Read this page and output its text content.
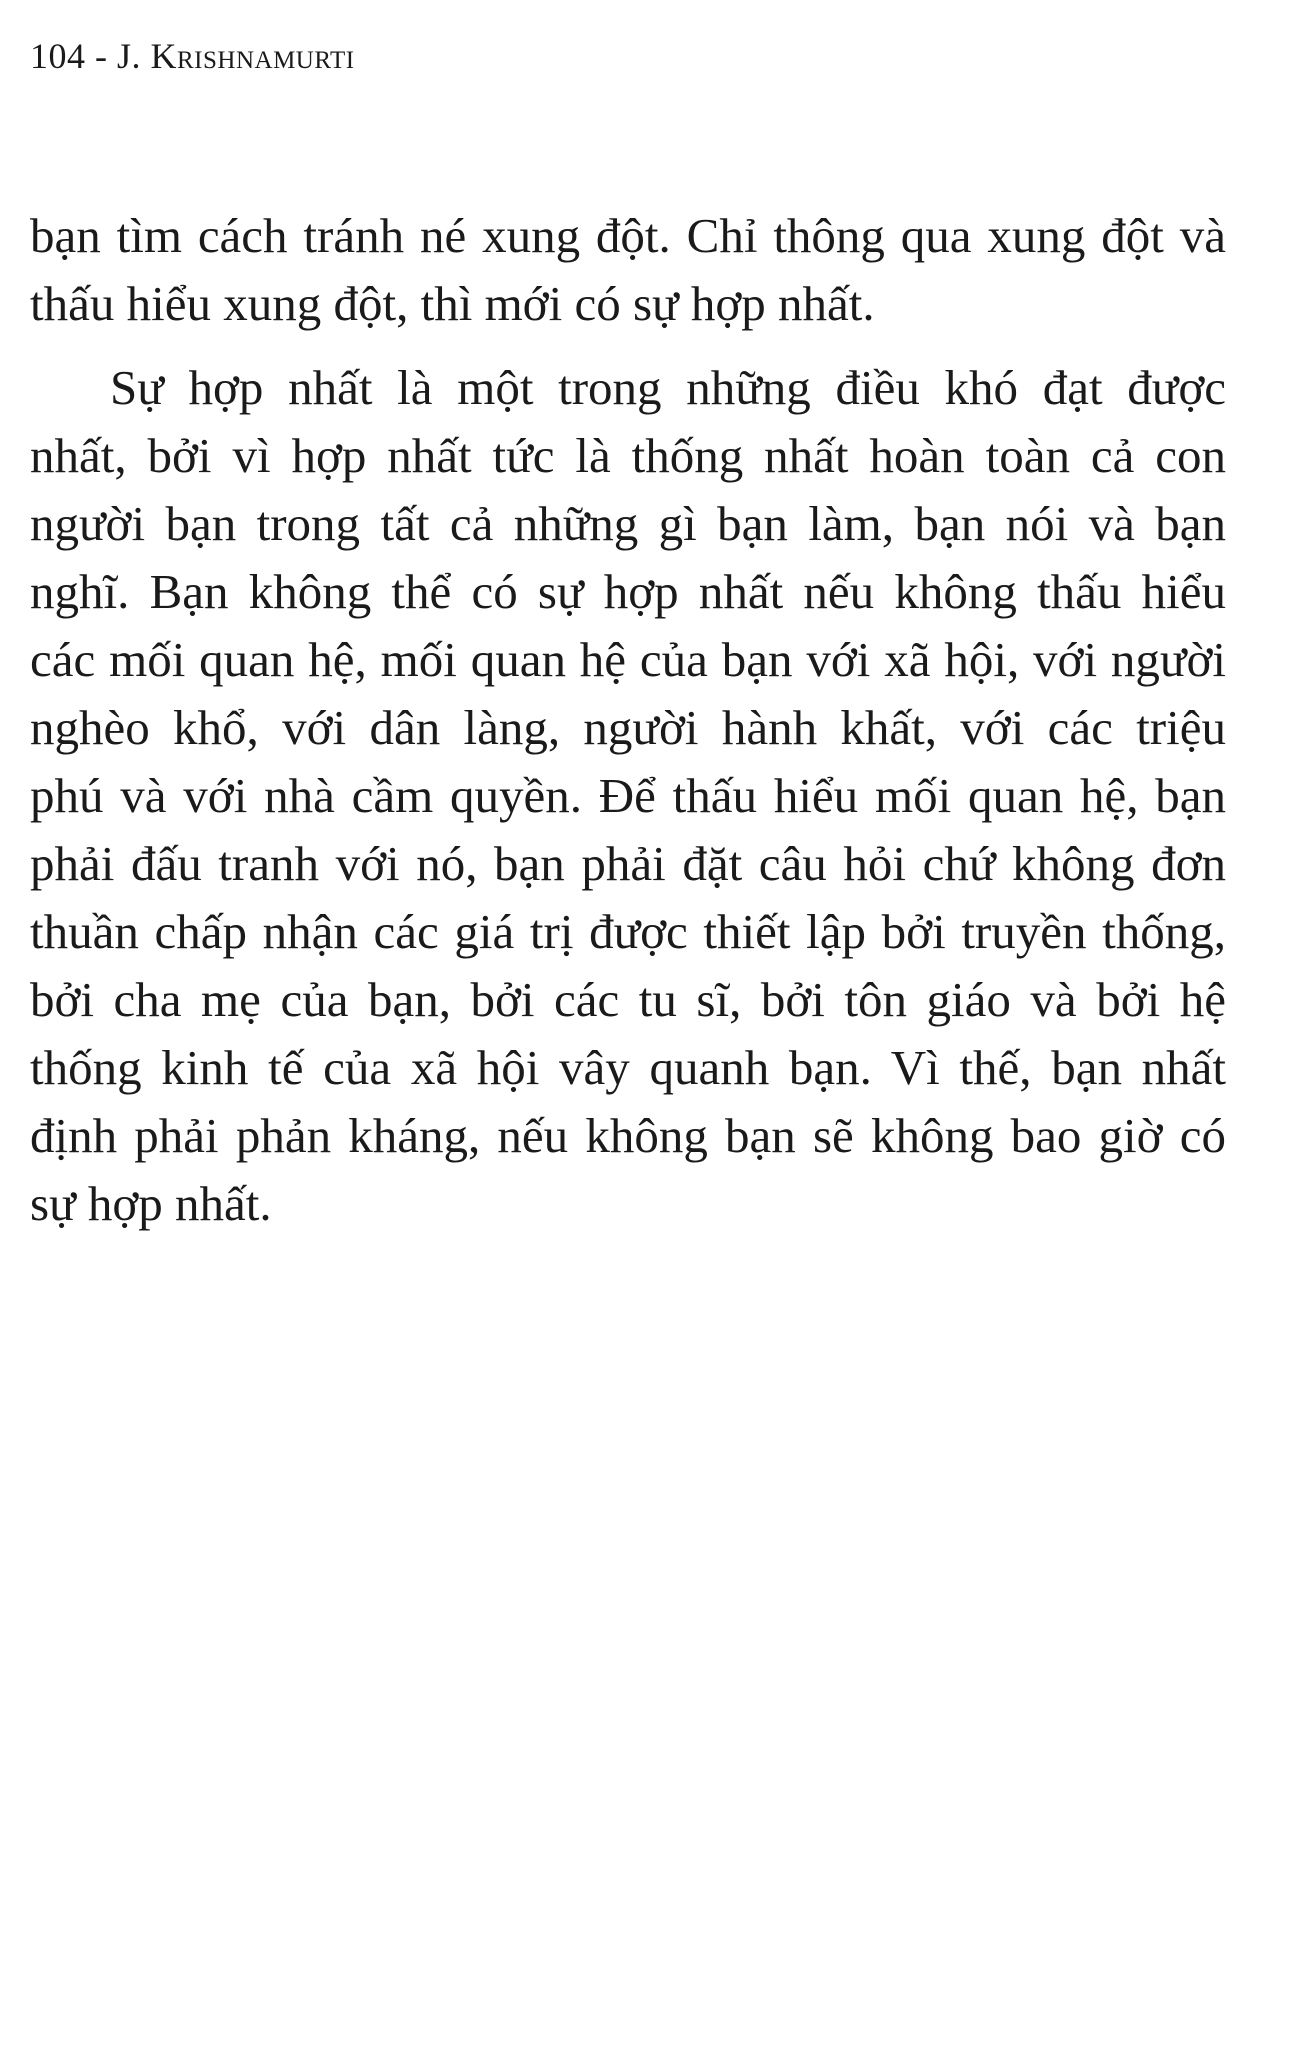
104 - J. Krishnamurti
bạn tìm cách tránh né xung đột. Chỉ thông qua xung đột và
thấu hiểu xung đột, thì mới có sự hợp nhất.
Sự hợp nhất là một trong những điều khó đạt được
nhất, bởi vì hợp nhất tức là thống nhất hoàn toàn cả con
người bạn trong tất cả những gì bạn làm, bạn nói và bạn
nghĩ. Bạn không thể có sự hợp nhất nếu không thấu hiểu
các mối quan hệ, mối quan hệ của bạn với xã hội, với người
nghèo khổ, với dân làng, người hành khất, với các triệu
phú và với nhà cầm quyền. Để thấu hiểu mối quan hệ, bạn
phải đấu tranh với nó, bạn phải đặt câu hỏi chứ không đơn
thuần chấp nhận các giá trị được thiết lập bởi truyền thống,
bởi cha mẹ của bạn, bởi các tu sĩ, bởi tôn giáo và bởi hệ
thống kinh tế của xã hội vây quanh bạn. Vì thế, bạn nhất
định phải phản kháng, nếu không bạn sẽ không bao giờ có
sự hợp nhất.
